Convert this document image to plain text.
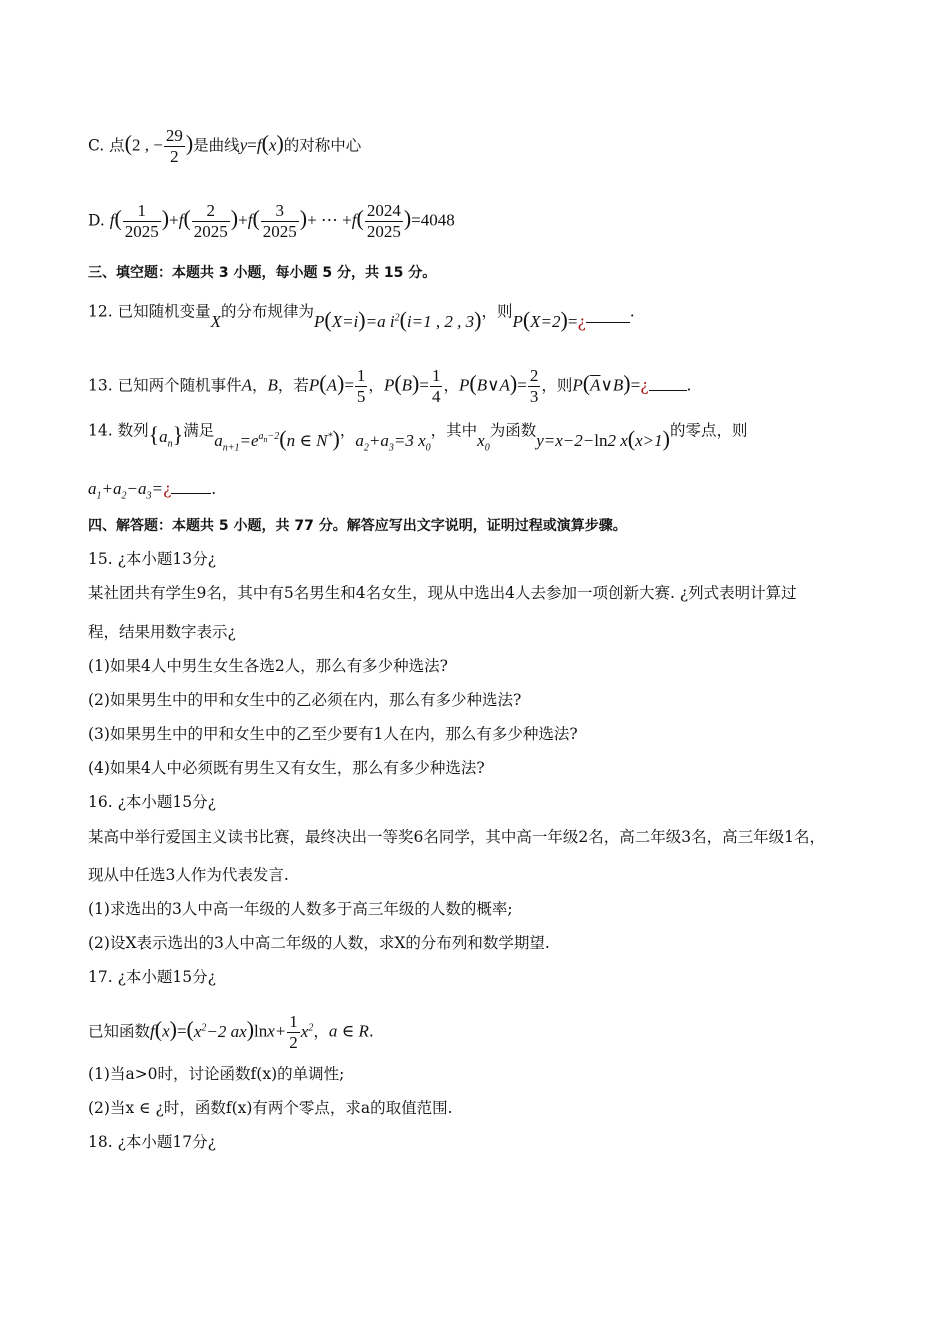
C. 点(2 , − $\frac{29}{2}$ )是曲线y=f(x)的对称中心
D. $f( \frac{1}{2025} )+f( \frac{2}{2025} )+f( \frac{3}{2025}$ )+ ⋯ $+f( \frac{2024}{2025} )=4048$
三、填空题：本题共 3 小题，每小题 5 分，共 15 分。
12. 已知随机变量X的分布规律为P(X=i)=a $i^2(i=1$ , 2 , 3)，则P(X=2)=¿.
13. 已知两个随机事件A，B，若$P(A)= \frac{1}{5}$ ，$P(B)= \frac{1}{4}$ ，P(B∨A)= $\frac{2}{3}$ ，则$P(\overline{A}\vee B)=¿$ .
14. 数列$\{a_n\}$满足$a_{n+1}=e^{a_n-2}(n$ ∈ N*)，$a_2+a_3=3$ $x_0$，其中$x_0$为函数y=x−2−ln2 x(x>1)的零点，则
$a_1+a_2-a_3=¿$	.
四、解答题：本题共 5 小题，共 77 分。解答应写出文字说明，证明过程或演算步骤。
15. ¿本小题13分¿
某社团共有学生9名，其中有5名男生和4名女生，现从中选出4人去参加一项创新大赛. ¿列式表明计算过
程，结果用数字表示¿
(1)如果4人中男生女生各选2人，那么有多少种选法?
(2)如果男生中的甲和女生中的乙必须在内，那么有多少种选法?
(3)如果男生中的甲和女生中的乙至少要有1人在内，那么有多少种选法?
(4)如果4人中必须既有男生又有女生，那么有多少种选法?
16. ¿本小题15分¿
某高中举行爱国主义读书比赛，最终决出一等奖6名同学，其中高一年级2名，高二年级3名，高三年级1名，
现从中任选3人作为代表发言.
(1)求选出的3人中高一年级的人数多于高三年级的人数的概率;
(2)设X表示选出的3人中高二年级的人数，求X的分布列和数学期望.
17. ¿本小题15分¿
已知函数$f(x)=(x^2-2$ $ax)\ln x+ \frac{1}{2} x^2$，a ∈ R.
(1)当a>0时，讨论函数f(x)的单调性;
(2)当x ∈ ¿时，函数f(x)有两个零点，求a的取值范围.
18. ¿本小题17分¿
